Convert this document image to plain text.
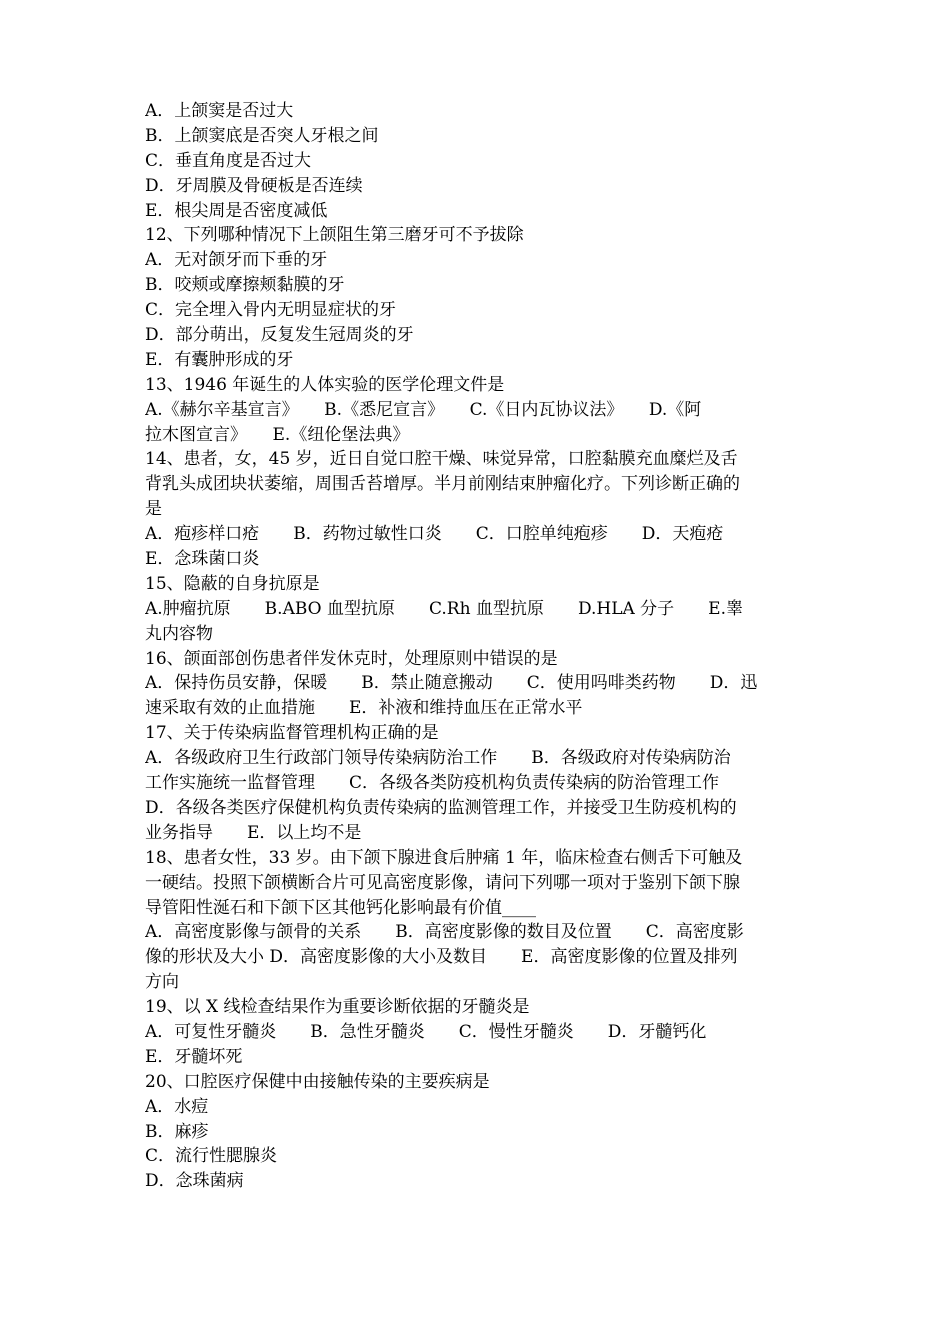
A．上颌窦是否过大
B．上颌窦底是否突人牙根之间
C．垂直角度是否过大
D．牙周膜及骨硬板是否连续
E．根尖周是否密度减低
12、下列哪种情况下上颌阻生第三磨牙可不予拔除
A．无对颌牙而下垂的牙
B．咬颊或摩擦颊黏膜的牙
C．完全埋入骨内无明显症状的牙
D．部分萌出，反复发生冠周炎的牙
E．有囊肿形成的牙
13、1946 年诞生的人体实验的医学伦理文件是
A.《赫尔辛基宣言》　　B.《悉尼宣言》　　C.《日内瓦协议法》　　D.《阿
拉木图宣言》　　E.《纽伦堡法典》
14、患者，女，45 岁，近日自觉口腔干燥、味觉异常，口腔黏膜充血糜烂及舌
背乳头成团块状萎缩，周围舌苔增厚。半月前刚结束肿瘤化疗。下列诊断正确的
是
A．疱疹样口疮　　B．药物过敏性口炎　　C．口腔单纯疱疹　　D．天疱疮
E．念珠菌口炎
15、隐蔽的自身抗原是
A.肿瘤抗原　　B.ABO 血型抗原　　C.Rh 血型抗原　　D.HLA 分子　　E.睾
丸内容物
16、颌面部创伤患者伴发休克时，处理原则中错误的是
A．保持伤员安静，保暖　　B．禁止随意搬动　　C．使用吗啡类药物　　D．迅
速采取有效的止血措施　　E．补液和维持血压在正常水平
17、关于传染病监督管理机构正确的是
A．各级政府卫生行政部门领导传染病防治工作　　B．各级政府对传染病防治
工作实施统一监督管理　　C．各级各类防疫机构负责传染病的防治管理工作
D．各级各类医疗保健机构负责传染病的监测管理工作，并接受卫生防疫机构的
业务指导　　E．以上均不是
18、患者女性，33 岁。由下颌下腺进食后肿痛 1 年，临床检查右侧舌下可触及
一硬结。投照下颌横断合片可见高密度影像，请问下列哪一项对于鉴别下颌下腺
导管阳性涎石和下颌下区其他钙化影响最有价值____
A．高密度影像与颌骨的关系　　B．高密度影像的数目及位置　　C．高密度影
像的形状及大小 D．高密度影像的大小及数目　　E．高密度影像的位置及排列
方向
19、以 X 线检查结果作为重要诊断依据的牙髓炎是
A．可复性牙髓炎　　B．急性牙髓炎　　C．慢性牙髓炎　　D．牙髓钙化
E．牙髓坏死
20、口腔医疗保健中由接触传染的主要疾病是
A．水痘
B．麻疹
C．流行性腮腺炎
D．念珠菌病
